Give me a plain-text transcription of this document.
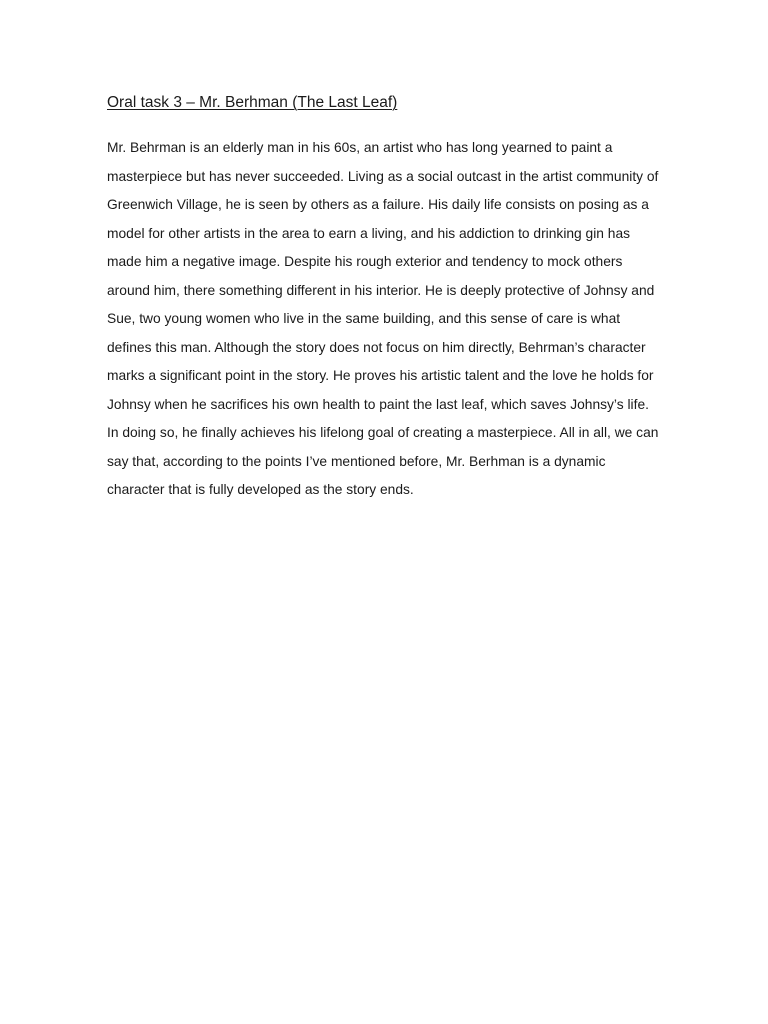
Oral task 3 – Mr. Berhman (The Last Leaf)

Mr. Behrman is an elderly man in his 60s, an artist who has long yearned to paint a masterpiece but has never succeeded. Living as a social outcast in the artist community of Greenwich Village, he is seen by others as a failure. His daily life consists on posing as a model for other artists in the area to earn a living, and his addiction to drinking gin has made him a negative image. Despite his rough exterior and tendency to mock others around him, there something different in his interior. He is deeply protective of Johnsy and Sue, two young women who live in the same building, and this sense of care is what defines this man. Although the story does not focus on him directly, Behrman’s character marks a significant point in the story. He proves his artistic talent and the love he holds for Johnsy when he sacrifices his own health to paint the last leaf, which saves Johnsy’s life. In doing so, he finally achieves his lifelong goal of creating a masterpiece. All in all, we can say that, according to the points I’ve mentioned before, Mr. Berhman is a dynamic character that is fully developed as the story ends.
